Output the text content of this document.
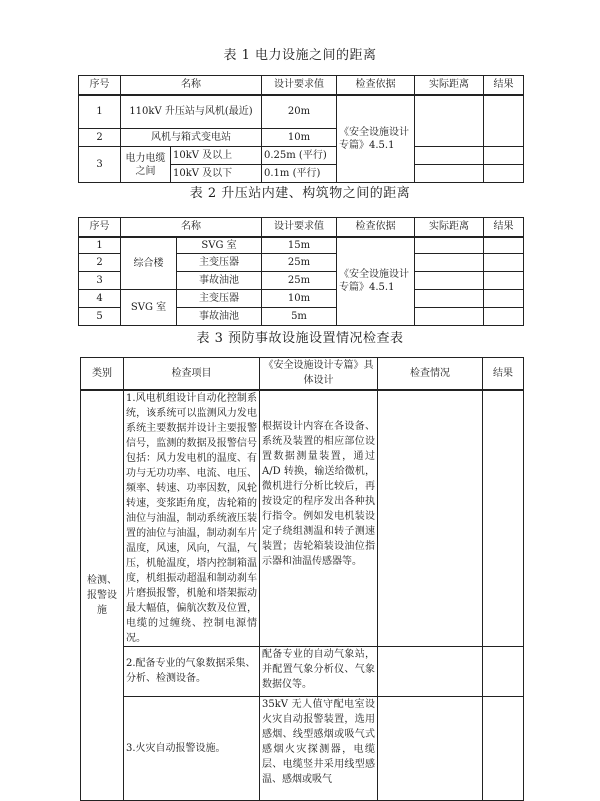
表 1 电力设施之间的距离
序号	名称		设计要求值	检查依据	实际距离	结果
1	110kV 升压站与风机(最近)		20m	《安全设施设计专篇》4.5.1		
2	风机与箱式变电站		10m			
3	电力电缆之间	10kV 及以上	0.25m (平行)			
		10kV 及以下	0.1m (平行)			
表 2 升压站内建、构筑物之间的距离
序号	名称		设计要求值	检查依据	实际距离	结果
1	综合楼	SVG 室	15m	《安全设施设计专篇》4.5.1		
2		主变压器	25m			
3		事故油池	25m			
4	SVG 室	主变压器	10m			
5		事故油池	5m			
表 3 预防事故设施设置情况检查表
类别	检查项目	《安全设施设计专篇》具体设计	检查情况	结果
检测、报警设施	1.风电机组设计自动化控制系统，该系统可以监测风力发电系统主要数据并设计主要报警信号，监测的数据及报警信号包括：风力发电机的温度、有功与无功功率、电流、电压、频率、转速、功率因数，风轮转速，变浆距角度，齿轮箱的油位与油温，制动系统液压装置的油位与油温，制动刹车片温度，风速，风向，气温，气压，机舱温度，塔内控制箱温度，机组振动超温和制动刹车片磨损报警，机舱和塔架振动最大幅值，偏航次数及位置，电缆的过缠绕、控制电源情况。	根据设计内容在各设备、系统及装置的相应部位设置数据测量装置，通过 A/D 转换，输送给微机，微机进行分析比较后，再按设定的程序发出各种执行指令。例如发电机装设定子绕组测温和转子测速装置；齿轮箱装设油位指示器和油温传感器等。		
	2.配备专业的气象数据采集、分析、检测设备。	配备专业的自动气象站，并配置气象分析仪、气象数据仪等。		
	3.火灾自动报警设施。	35kV 无人值守配电室设火灾自动报警装置，选用感烟、线型感烟或吸气式感烟火灾探测器，电缆层、电缆竖井采用线型感温、感烟或吸气		
